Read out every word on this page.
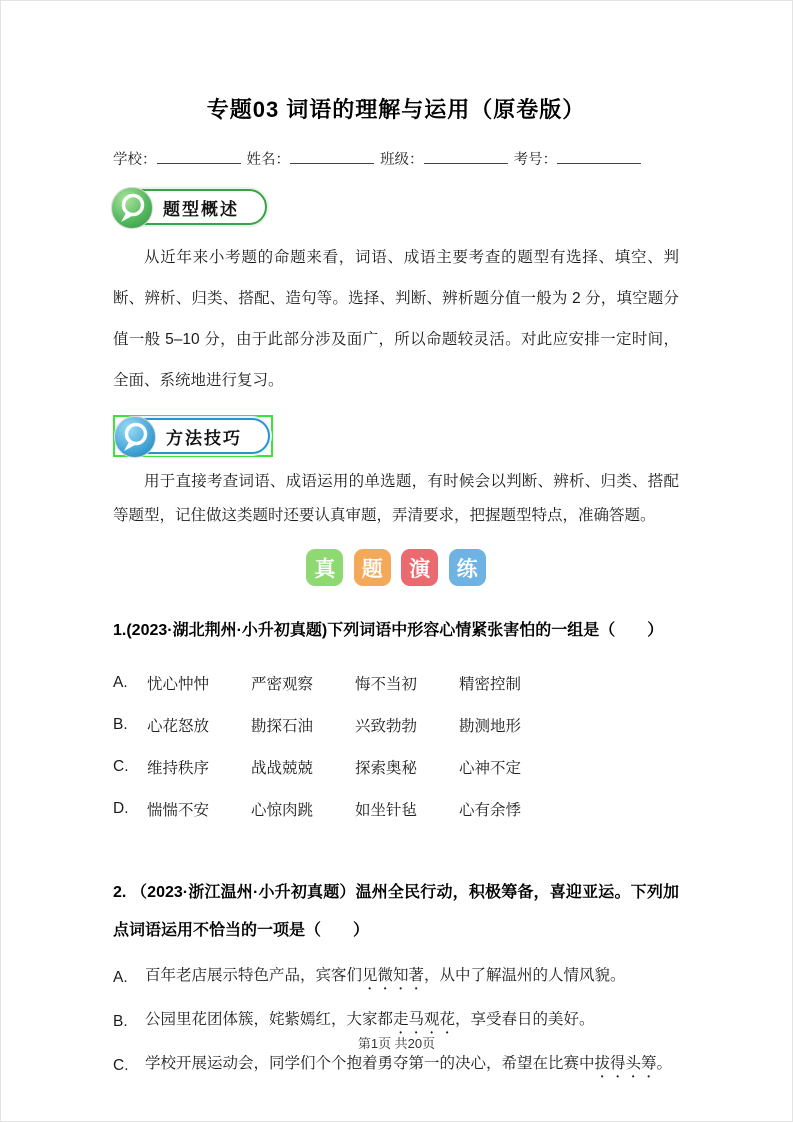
专题03 词语的理解与运用（原卷版）
学校：	姓名：	班级：	考号：
题型概述
从近年来小考题的命题来看，词语、成语主要考查的题型有选择、填空、判断、辨析、归类、搭配、造句等。选择、判断、辨析题分值一般为 2 分，填空题分值一般 5–10 分，由于此部分涉及面广，所以命题较灵活。对此应安排一定时间，全面、系统地进行复习。
方法技巧
用于直接考查词语、成语运用的单选题，有时候会以判断、辨析、归类、搭配等题型，记住做这类题时还要认真审题，弄清要求，把握题型特点，准确答题。
真 题 演 练
1.(2023·湖北荆州·小升初真题)下列词语中形容心情紧张害怕的一组是（　　）
A.	忧心忡忡	严密观察	悔不当初	精密控制
B.	心花怒放	勘探石油	兴致勃勃	勘测地形
C.	维持秩序	战战兢兢	探索奥秘	心神不定
D.	惴惴不安	心惊肉跳	如坐针毡	心有余悸
2. （2023·浙江温州·小升初真题）温州全民行动，积极筹备，喜迎亚运。下列加点词语运用不恰当的一项是（　　）
A.	百年老店展示特色产品，宾客们见微知著，从中了解温州的人情风貌。
B.	公园里花团体簇，姹紫嫣红，大家都走马观花，享受春日的美好。
C.	学校开展运动会，同学们个个抱着勇夺第一的决心，希望在比赛中拔得头筹。
第1页 共20页
